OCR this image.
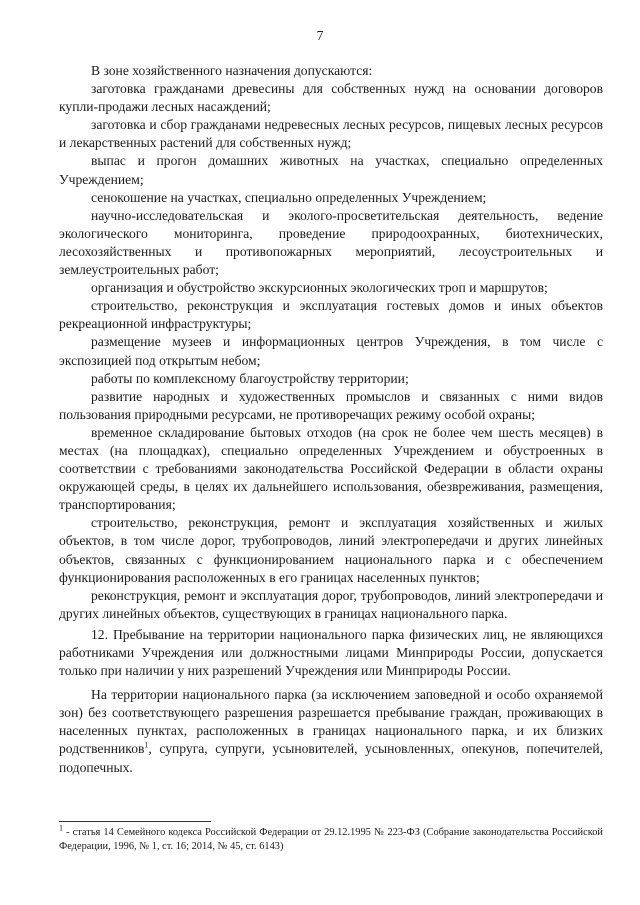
7

В зоне хозяйственного назначения допускаются:

заготовка гражданами древесины для собственных нужд на основании договоров купли-продажи лесных насаждений;

заготовка и сбор гражданами недревесных лесных ресурсов, пищевых лесных ресурсов и лекарственных растений для собственных нужд;

выпас и прогон домашних животных на участках, специально определенных Учреждением;

сенокошение на участках, специально определенных Учреждением;

научно-исследовательская и эколого-просветительская деятельность, ведение экологического мониторинга, проведение природоохранных, биотехнических, лесохозяйственных и противопожарных мероприятий, лесоустроительных и землеустроительных работ;

организация и обустройство экскурсионных экологических троп и маршрутов;

строительство, реконструкция и эксплуатация гостевых домов и иных объектов рекреационной инфраструктуры;

размещение музеев и информационных центров Учреждения, в том числе с экспозицией под открытым небом;

работы по комплексному благоустройству территории;

развитие народных и художественных промыслов и связанных с ними видов пользования природными ресурсами, не противоречащих режиму особой охраны;

временное складирование бытовых отходов (на срок не более чем шесть месяцев) в местах (на площадках), специально определенных Учреждением и обустроенных в соответствии с требованиями законодательства Российской Федерации в области охраны окружающей среды, в целях их дальнейшего использования, обезвреживания, размещения, транспортирования;

строительство, реконструкция, ремонт и эксплуатация хозяйственных и жилых объектов, в том числе дорог, трубопроводов, линий электропередачи и других линейных объектов, связанных с функционированием национального парка и с обеспечением функционирования расположенных в его границах населенных пунктов;

реконструкция, ремонт и эксплуатация дорог, трубопроводов, линий электропередачи и других линейных объектов, существующих в границах национального парка.

12. Пребывание на территории национального парка физических лиц, не являющихся работниками Учреждения или должностными лицами Минприроды России, допускается только при наличии у них разрешений Учреждения или Минприроды России.

На территории национального парка (за исключением заповедной и особо охраняемой зон) без соответствующего разрешения разрешается пребывание граждан, проживающих в населенных пунктах, расположенных в границах национального парка, и их близких родственников$^1$, супруга, супруги, усыновителей, усыновленных, опекунов, попечителей, подопечных.

$^1$ - статья 14 Семейного кодекса Российской Федерации от 29.12.1995 № 223-ФЗ (Собрание законодательства Российской Федерации, 1996, № 1, ст. 16; 2014, № 45, ст. 6143)
